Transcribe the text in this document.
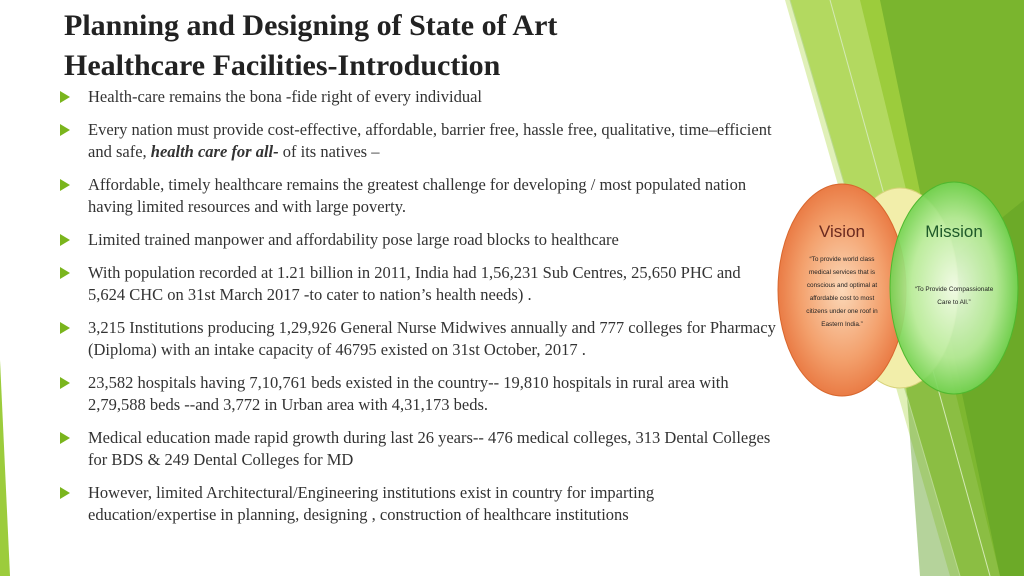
Planning and Designing of State of Art
Healthcare Facilities-Introduction
Health-care remains the bona -fide right of every individual
Every nation must provide cost-effective, affordable, barrier free, hassle free, qualitative, time–efficient and safe, health care for all- of its natives –
Affordable, timely healthcare remains the greatest challenge for developing / most populated nation having limited resources and with large poverty.
Limited trained manpower and affordability pose large road blocks to healthcare
With population recorded at 1.21 billion in 2011, India had 1,56,231 Sub Centres, 25,650 PHC and 5,624 CHC on 31st March 2017 -to cater to nation’s health needs) .
3,215 Institutions producing 1,29,926 General Nurse Midwives annually and 777 colleges for Pharmacy (Diploma) with an intake capacity of 46795 existed on 31st October, 2017 .
23,582 hospitals having 7,10,761 beds existed in the country-- 19,810 hospitals in rural area with 2,79,588 beds --and 3,772 in Urban area with 4,31,173 beds.
Medical education made rapid growth during last 26 years-- 476 medical colleges, 313 Dental Colleges for BDS & 249 Dental Colleges for MD
However, limited Architectural/Engineering institutions exist in country for imparting education/expertise in planning, designing , construction of healthcare institutions
Vision
“To provide world class
medical services that is
conscious and optimal at
affordable cost to most
citizens under one roof in
Eastern India.”
Mission
“To Provide Compassionate
Care to All.”
